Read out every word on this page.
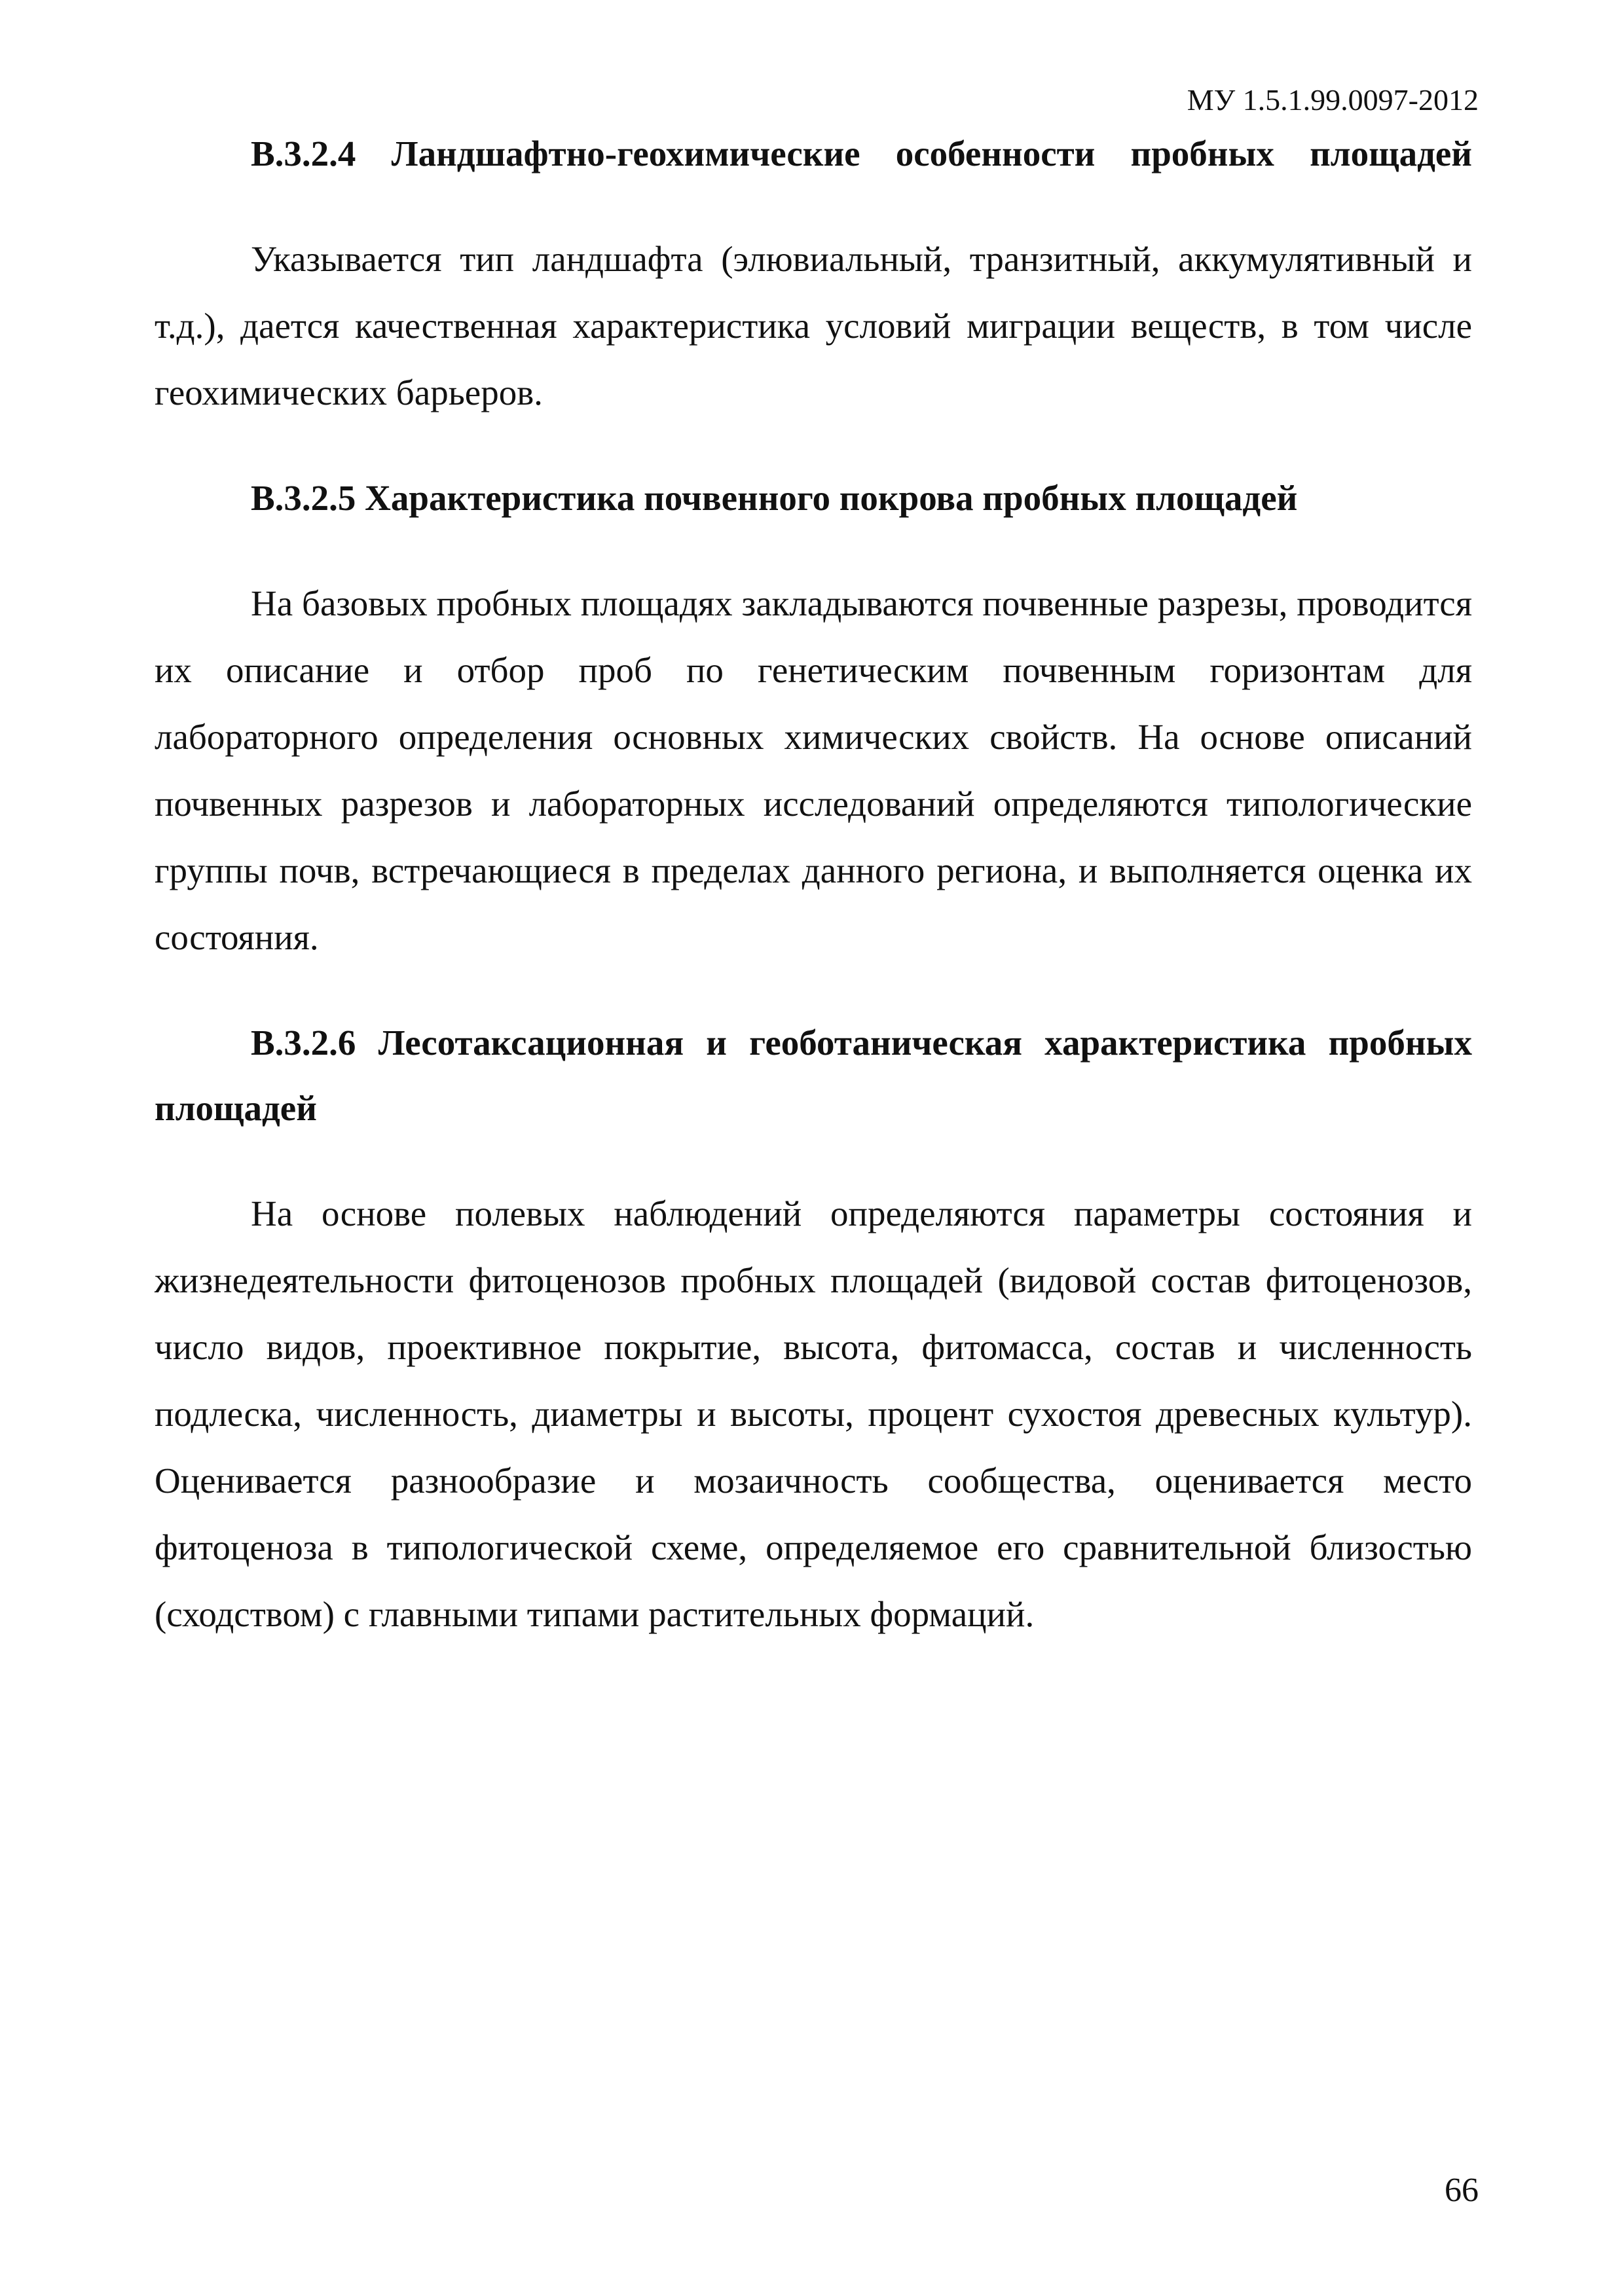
МУ 1.5.1.99.0097-2012
В.3.2.4 Ландшафтно-геохимические особенности пробных площадей

Указывается тип ландшафта (элювиальный, транзитный, аккумулятивный и т.д.), дается качественная характеристика условий миграции веществ, в том числе геохимических барьеров.

В.3.2.5 Характеристика почвенного покрова пробных площадей

На базовых пробных площадях закладываются почвенные разрезы, проводится их описание и отбор проб по генетическим почвенным горизонтам для лабораторного определения основных химических свойств. На основе описаний почвенных разрезов и лабораторных исследований определяются типологические группы почв, встречающиеся в пределах данного региона, и выполняется оценка их состояния.

В.3.2.6 Лесотаксационная и геоботаническая характеристика пробных площадей

На основе полевых наблюдений определяются параметры состояния и жизнедеятельности фитоценозов пробных площадей (видовой состав фитоценозов, число видов, проективное покрытие, высота, фитомасса, состав и численность подлеска, численность, диаметры и высоты, процент сухостоя древесных культур). Оценивается разнообразие и мозаичность сообщества, оценивается место фитоценоза в типологической схеме, определяемое его сравнительной близостью (сходством) с главными типами растительных формаций.

66
